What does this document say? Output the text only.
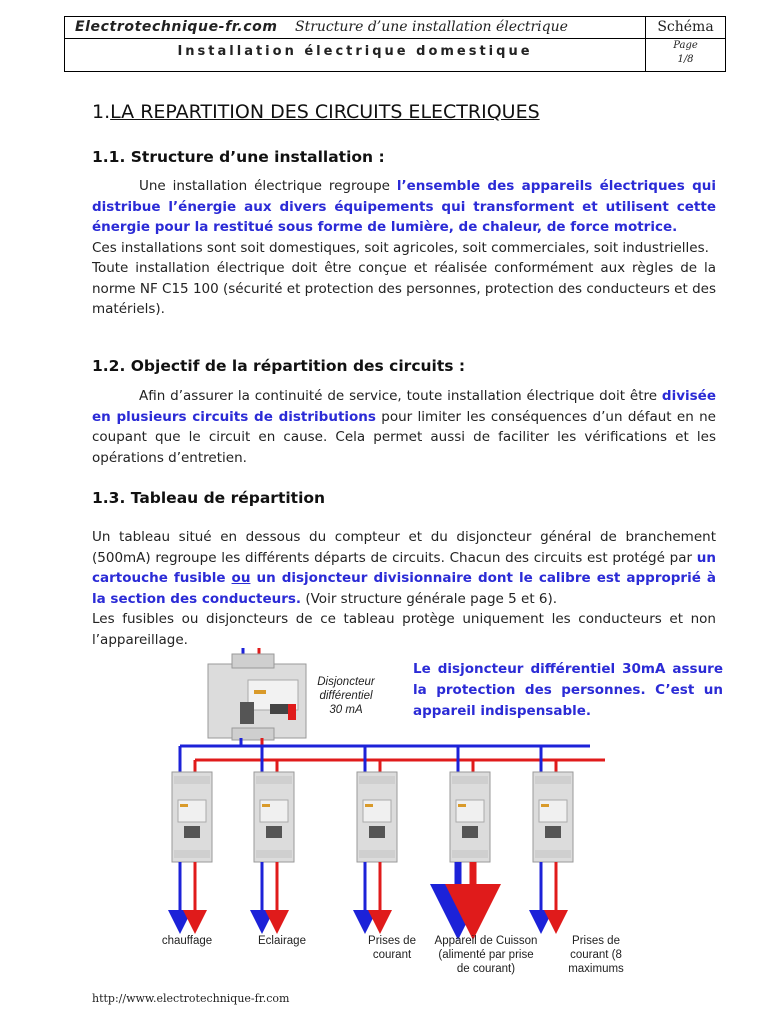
Electrotechnique-fr.com Structure d’une installation électrique	Schéma
Installation électrique domestique	Page
1/8
1.LA REPARTITION DES CIRCUITS ELECTRIQUES
1.1. Structure d’une installation :
Une installation électrique regroupe l’ensemble des appareils électriques qui distribue l’énergie aux divers équipements qui transforment et utilisent cette énergie pour la restitué sous forme de lumière, de chaleur, de force motrice.
Ces installations sont soit domestiques, soit agricoles, soit commerciales, soit industrielles.
Toute installation électrique doit être conçue et réalisée conformément aux règles de la norme NF C15 100 (sécurité et protection des personnes, protection des conducteurs et des matériels).
1.2. Objectif de la répartition des circuits :
Afin d’assurer la continuité de service, toute installation électrique doit être divisée en plusieurs circuits de distributions pour limiter les conséquences d’un défaut en ne coupant que le circuit en cause. Cela permet aussi de faciliter les vérifications et les opérations d’entretien.
1.3. Tableau de répartition
Un tableau situé en dessous du compteur et du disjoncteur général de branchement (500mA) regroupe les différents départs de circuits. Chacun des circuits est protégé par un cartouche fusible ou un disjoncteur divisionnaire dont le calibre est approprié à la section des conducteurs. (Voir structure générale page 5 et 6).
Les fusibles ou disjoncteurs de ce tableau protège uniquement les conducteurs et non l’appareillage.
chauffage	Eclairage	Prises de
courant
Appareil de Cuisson
(alimenté par prise
de courant)
Prises de
courant (8
maximums
Disjoncteur
différentiel
30 mA
Le disjoncteur différentiel 30mA assure la protection des personnes. C’est un appareil indispensable.
http://www.electrotechnique-fr.com
